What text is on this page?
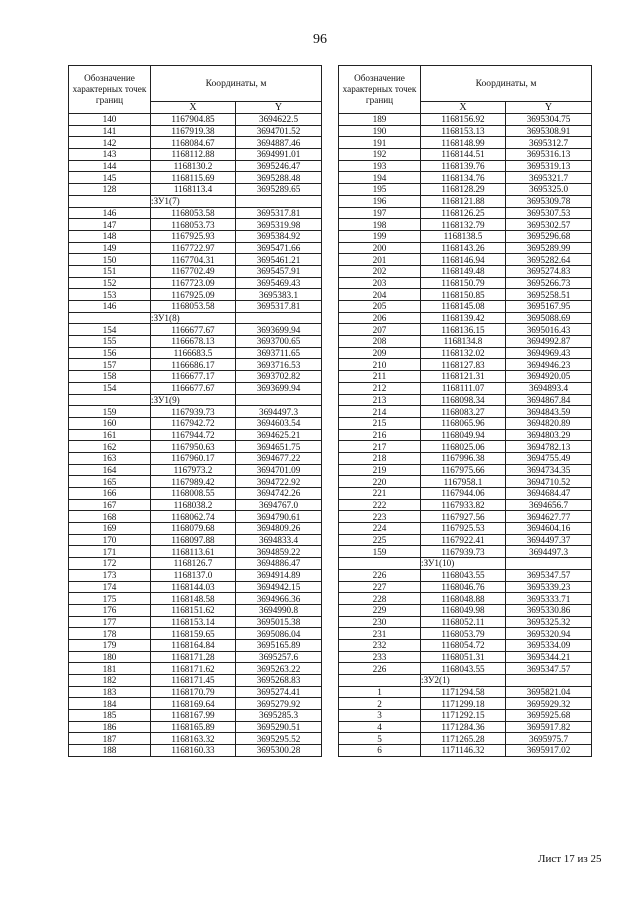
96
Обозначение характерных точек границ	Координаты, м	
	X	Y
140	1167904.85	3694622.5
141	1167919.38	3694701.52
142	1168084.67	3694887.46
143	1168112.88	3694991.01
144	1168130.2	3695246.47
145	1168115.69	3695288.48
128	1168113.4	3695289.65
	:ЗУ1(7)	
146	1168053.58	3695317.81
147	1168053.73	3695319.98
148	1167925.93	3695384.92
149	1167722.97	3695471.66
150	1167704.31	3695461.21
151	1167702.49	3695457.91
152	1167723.09	3695469.43
153	1167925.09	3695383.1
146	1168053.58	3695317.81
	:ЗУ1(8)	
154	1166677.67	3693699.94
155	1166678.13	3693700.65
156	1166683.5	3693711.65
157	1166686.17	3693716.53
158	1166677.17	3693702.82
154	1166677.67	3693699.94
	:ЗУ1(9)	
159	1167939.73	3694497.3
160	1167942.72	3694603.54
161	1167944.72	3694625.21
162	1167950.63	3694651.75
163	1167960.17	3694677.22
164	1167973.2	3694701.09
165	1167989.42	3694722.92
166	1168008.55	3694742.26
167	1168038.2	3694767.0
168	1168062.74	3694790.61
169	1168079.68	3694809.26
170	1168097.88	3694833.4
171	1168113.61	3694859.22
172	1168126.7	3694886.47
173	1168137.0	3694914.89
174	1168144.03	3694942.15
175	1168148.58	3694966.36
176	1168151.62	3694990.8
177	1168153.14	3695015.38
178	1168159.65	3695086.04
179	1168164.84	3695165.89
180	1168171.28	3695257.6
181	1168171.62	3695263.22
182	1168171.45	3695268.83
183	1168170.79	3695274.41
184	1168169.64	3695279.92
185	1168167.99	3695285.3
186	1168165.89	3695290.51
187	1168163.32	3695295.52
188	1168160.33	3695300.28
Обозначение характерных точек границ	Координаты, м	
	X	Y
189	1168156.92	3695304.75
190	1168153.13	3695308.91
191	1168148.99	3695312.7
192	1168144.51	3695316.13
193	1168139.76	3695319.13
194	1168134.76	3695321.7
195	1168128.29	3695325.0
196	1168121.88	3695309.78
197	1168126.25	3695307.53
198	1168132.79	3695302.57
199	1168138.5	3695296.68
200	1168143.26	3695289.99
201	1168146.94	3695282.64
202	1168149.48	3695274.83
203	1168150.79	3695266.73
204	1168150.85	3695258.51
205	1168145.08	3695167.95
206	1168139.42	3695088.69
207	1168136.15	3695016.43
208	1168134.8	3694992.87
209	1168132.02	3694969.43
210	1168127.83	3694946.23
211	1168121.31	3694920.05
212	1168111.07	3694893.4
213	1168098.34	3694867.84
214	1168083.27	3694843.59
215	1168065.96	3694820.89
216	1168049.94	3694803.29
217	1168025.06	3694782.13
218	1167996.38	3694755.49
219	1167975.66	3694734.35
220	1167958.1	3694710.52
221	1167944.06	3694684.47
222	1167933.82	3694656.7
223	1167927.56	3694627.77
224	1167925.53	3694604.16
225	1167922.41	3694497.37
159	1167939.73	3694497.3
	:ЗУ1(10)	
226	1168043.55	3695347.57
227	1168046.76	3695339.23
228	1168048.88	3695333.71
229	1168049.98	3695330.86
230	1168052.11	3695325.32
231	1168053.79	3695320.94
232	1168054.72	3695334.09
233	1168051.31	3695344.21
226	1168043.55	3695347.57
	:ЗУ2(1)	
1	1171294.58	3695821.04
2	1171299.18	3695929.32
3	1171292.15	3695925.68
4	1171284.36	3695917.82
5	1171265.28	3695975.7
6	1171146.32	3695917.02
Лист 17 из 25
